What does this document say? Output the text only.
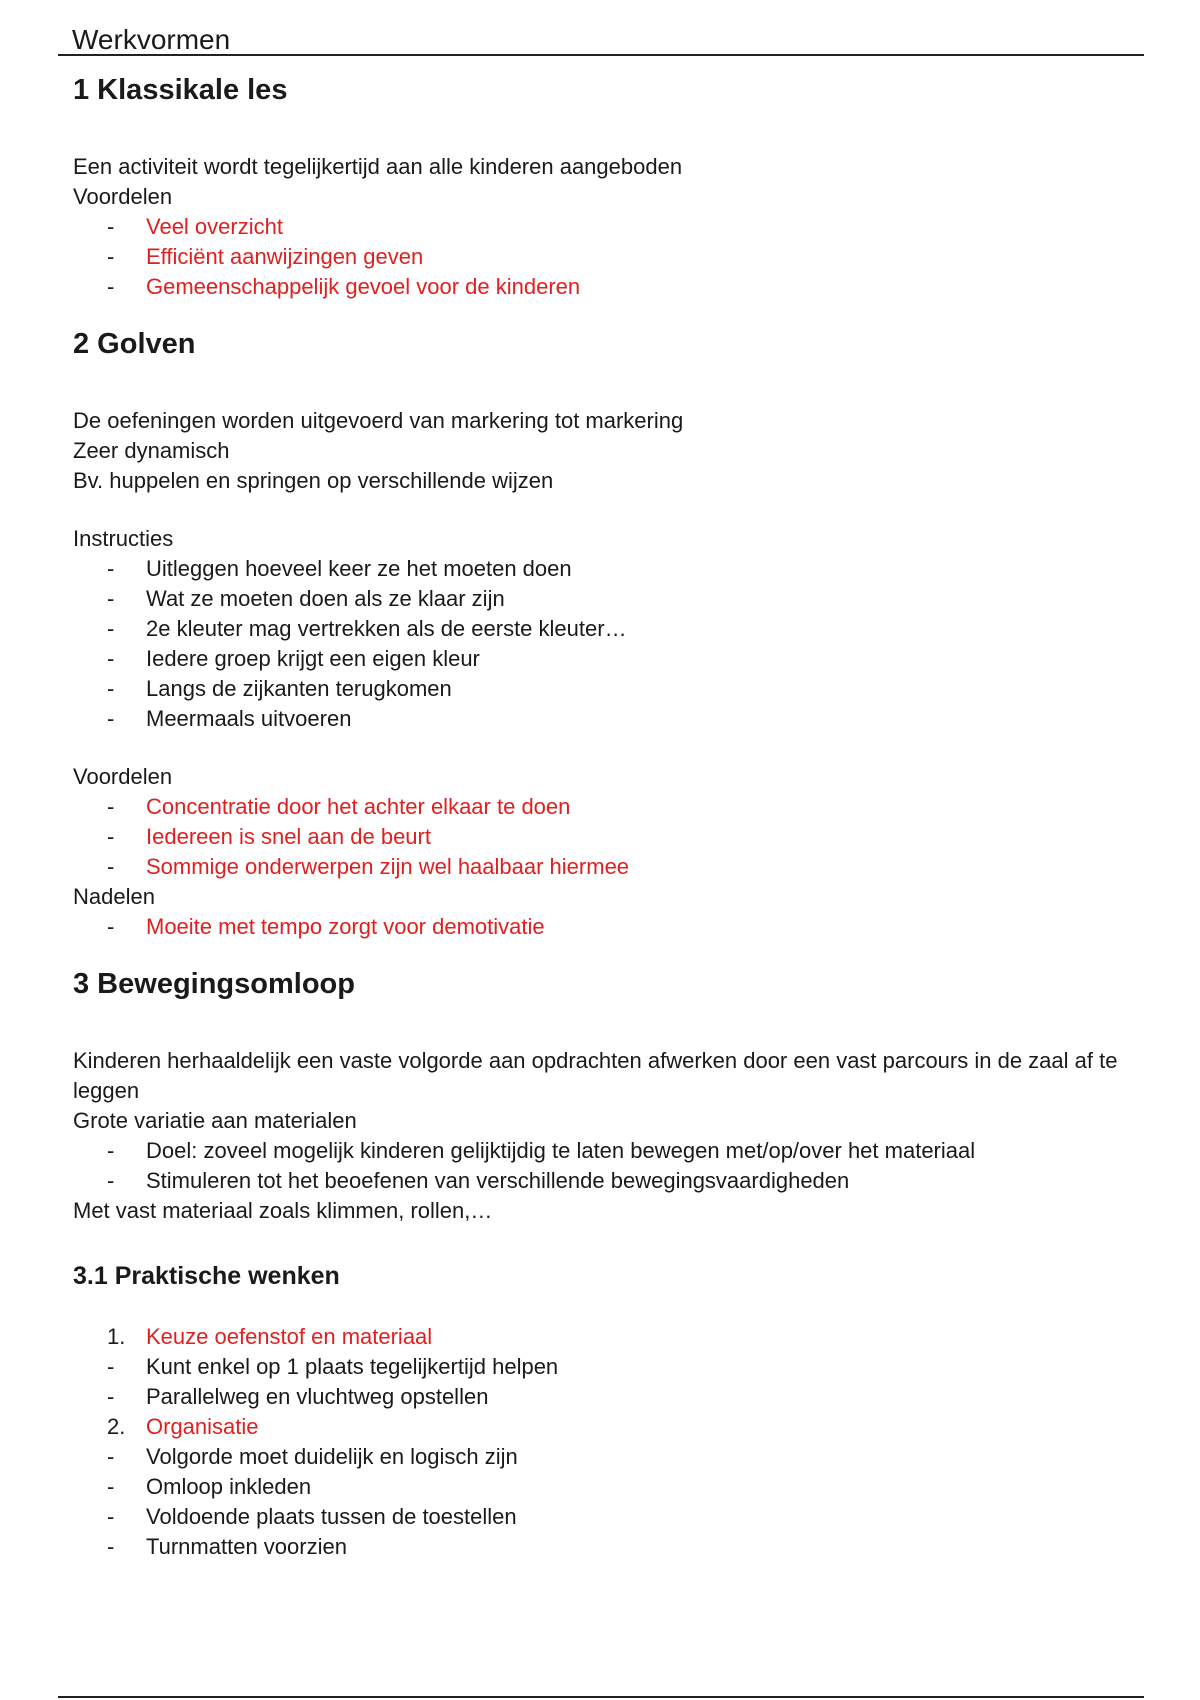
Werkvormen
1 Klassikale les

Een activiteit wordt tegelijkertijd aan alle kinderen aangeboden

Voordelen

- Veel overzicht
- Efficiënt aanwijzingen geven
- Gemeenschappelijk gevoel voor de kinderen
2 Golven

De oefeningen worden uitgevoerd van markering tot markering

Zeer dynamisch

Bv. huppelen en springen op verschillende wijzen

Instructies

- Uitleggen hoeveel keer ze het moeten doen
- Wat ze moeten doen als ze klaar zijn
- 2e kleuter mag vertrekken als de eerste kleuter…
- Iedere groep krijgt een eigen kleur
- Langs de zijkanten terugkomen
- Meermaals uitvoeren

Voordelen

- Concentratie door het achter elkaar te doen
- Iedereen is snel aan de beurt
- Sommige onderwerpen zijn wel haalbaar hiermee

Nadelen

- Moeite met tempo zorgt voor demotivatie
3 Bewegingsomloop

Kinderen herhaaldelijk een vaste volgorde aan opdrachten afwerken door een vast parcours in de zaal af te leggen

Grote variatie aan materialen

- Doel: zoveel mogelijk kinderen gelijktijdig te laten bewegen met/op/over het materiaal
- Stimuleren tot het beoefenen van verschillende bewegingsvaardigheden

Met vast materiaal zoals klimmen, rollen,…

3.1 Praktische wenken
1. Keuze oefenstof en materiaal
- Kunt enkel op 1 plaats tegelijkertijd helpen
- Parallelweg en vluchtweg opstellen
2. Organisatie
- Volgorde moet duidelijk en logisch zijn
- Omloop inkleden
- Voldoende plaats tussen de toestellen
- Turnmatten voorzien
